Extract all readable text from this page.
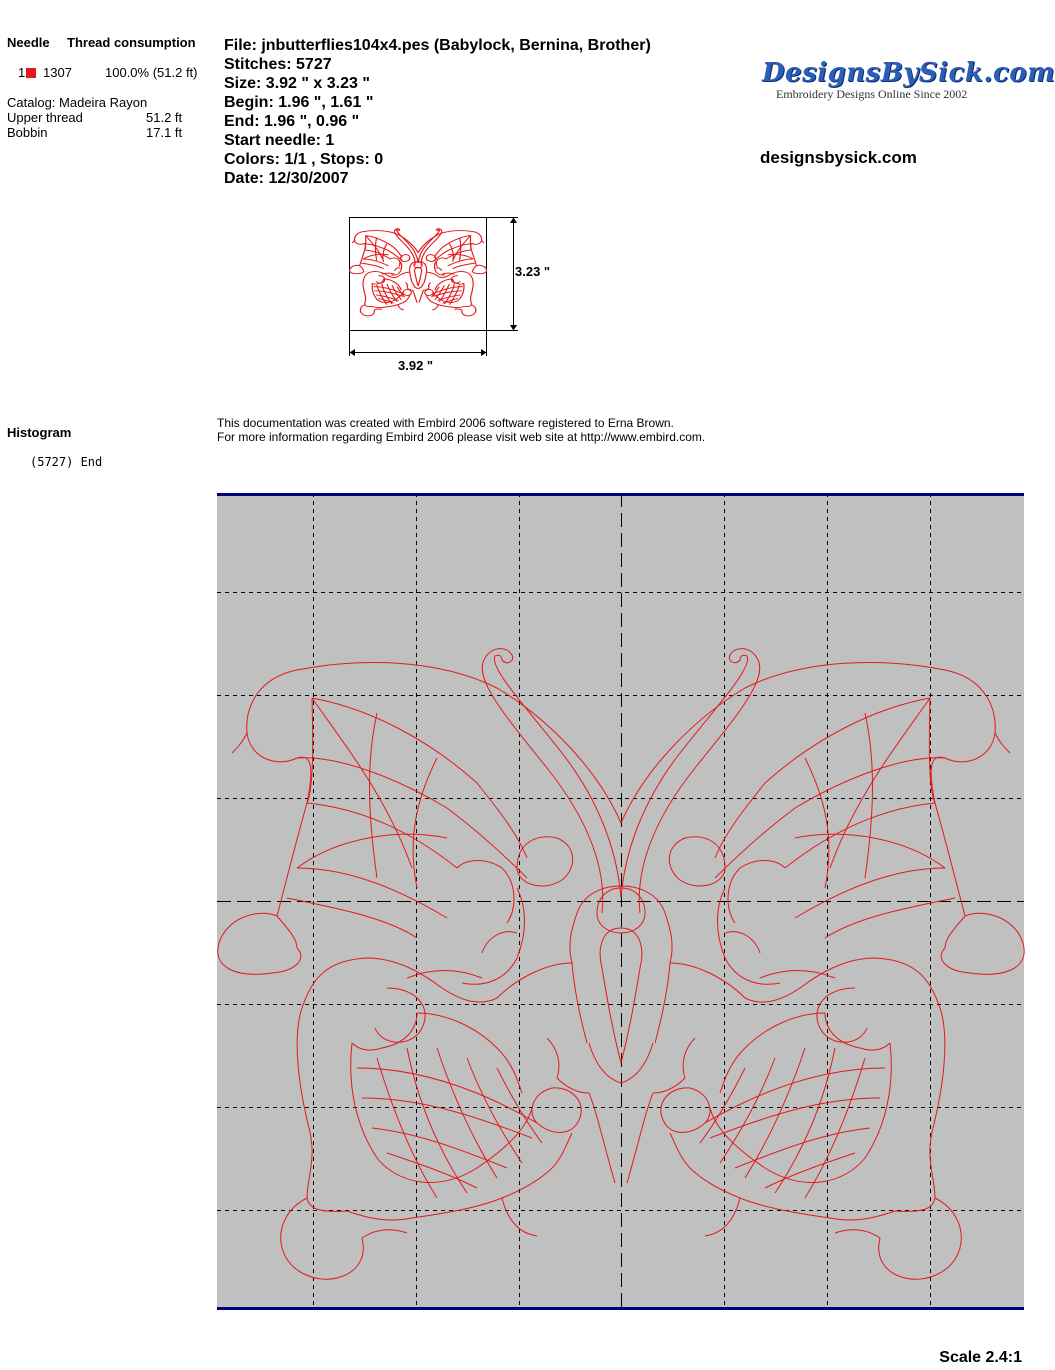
Needle Thread consumption
1	1307	100.0% (51.2 ft)
Catalog: Madeira Rayon
Upper thread	51.2 ft
Bobbin	17.1 ft
File: jnbutterflies104x4.pes (Babylock, Bernina, Brother)
Stitches: 5727
Size: 3.92 " x 3.23 "
Begin: 1.96 ", 1.61 "
End: 1.96 ", 0.96 "
Start needle: 1
Colors: 1/1 , Stops: 0
Date: 12/30/2007
DesignsBySick.com
Embroidery Designs Online Since 2002
designsbysick.com
3.23 "
3.92 "
Histogram
(5727) End
This documentation was created with Embird 2006 software registered to Erna Brown.
For more information regarding Embird 2006 please visit web site at http://www.embird.com.
Scale 2.4:1
